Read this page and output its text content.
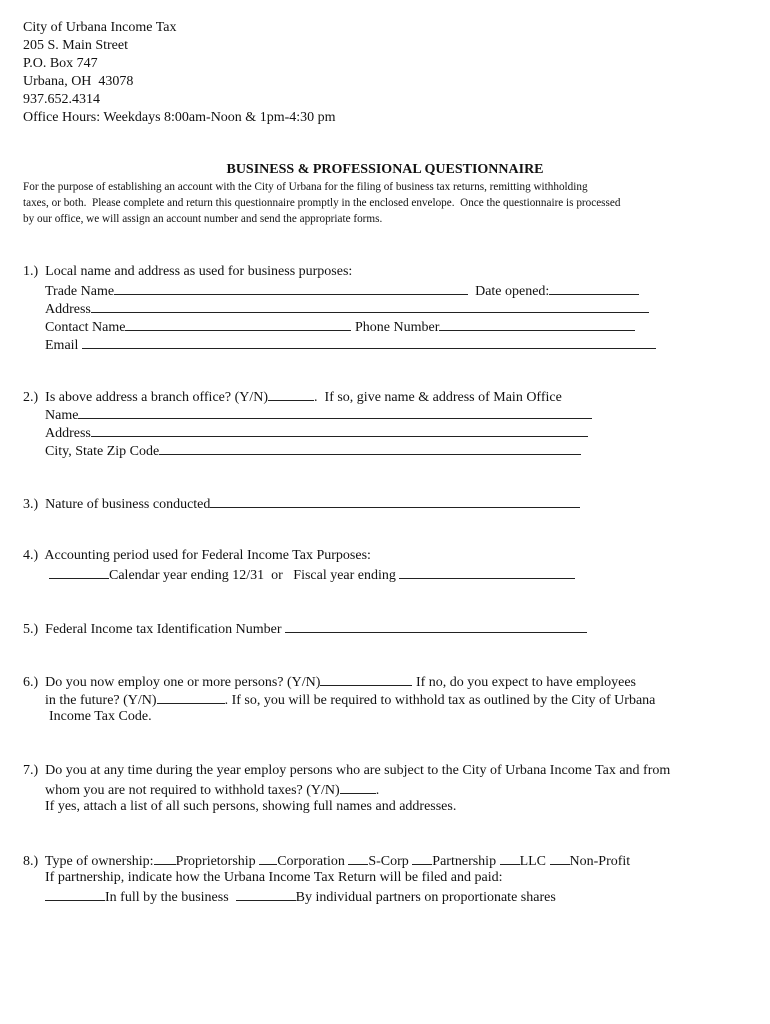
City of Urbana Income Tax
205 S. Main Street
P.O. Box 747
Urbana, OH  43078
937.652.4314
Office Hours: Weekdays 8:00am-Noon & 1pm-4:30 pm
BUSINESS & PROFESSIONAL QUESTIONNAIRE
For the purpose of establishing an account with the City of Urbana for the filing of business tax returns, remitting withholding
taxes, or both.  Please complete and return this questionnaire promptly in the enclosed envelope.  Once the questionnaire is processed
by our office, we will assign an account number and send the appropriate forms.
1.)  Local name and address as used for business purposes:
Trade Name	Date opened:
Address
Contact Name	Phone Number
Email
2.)  Is above address a branch office? (Y/N)	.  If so, give name & address of Main Office
Name
Address
City, State Zip Code
3.)  Nature of business conducted
4.)  Accounting period used for Federal Income Tax Purposes:
Calendar year ending 12/31  or   Fiscal year ending
5.)  Federal Income tax Identification Number
6.)  Do you now employ one or more persons? (Y/N)	If no, do you expect to have employees
in the future? (Y/N)	. If so, you will be required to withhold tax as outlined by the City of Urbana
Income Tax Code.
7.)  Do you at any time during the year employ persons who are subject to the City of Urbana Income Tax and from
whom you are not required to withhold taxes? (Y/N)	.
If yes, attach a list of all such persons, showing full names and addresses.
8.)  Type of ownership: Proprietorship Corporation S-Corp Partnership LLC Non-Profit
If partnership, indicate how the Urbana Income Tax Return will be filed and paid:
In full by the business	By individual partners on proportionate shares
